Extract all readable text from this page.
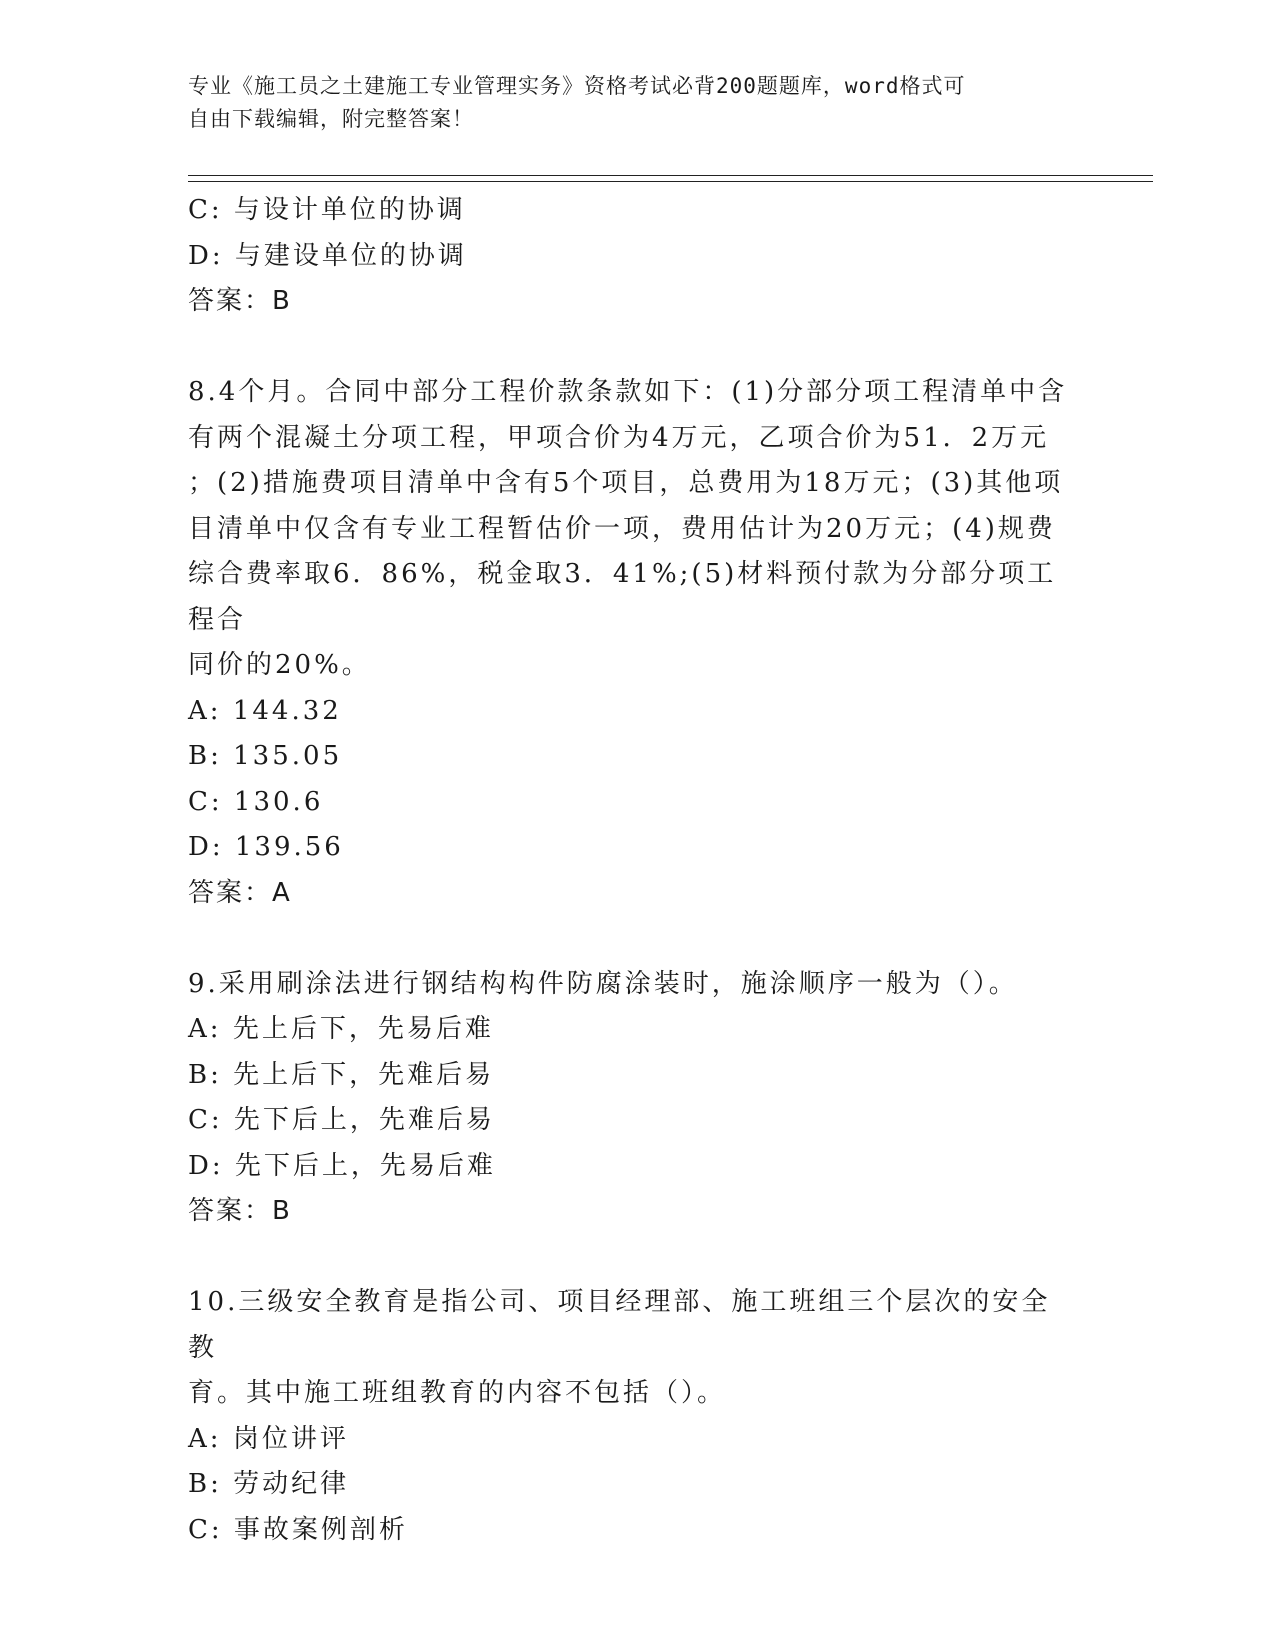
专业《施工员之土建施工专业管理实务》资格考试必背200题题库，word格式可

自由下载编辑，附完整答案！

C: 与设计单位的协调

D: 与建设单位的协调

答案：B

8.4个月。合同中部分工程价款条款如下：(1)分部分项工程清单中含

有两个混凝土分项工程，甲项合价为4万元，乙项合价为51．2万元

；(2)措施费项目清单中含有5个项目，总费用为18万元；(3)其他项

目清单中仅含有专业工程暂估价一项，费用估计为20万元；(4)规费

综合费率取6．86%，税金取3．41%;(5)材料预付款为分部分项工程合

同价的20%。

A: 144.32

B: 135.05

C: 130.6

D: 139.56

答案：A

9.采用刷涂法进行钢结构构件防腐涂装时，施涂顺序一般为（）。

A: 先上后下，先易后难

B: 先上后下，先难后易

C: 先下后上，先难后易

D: 先下后上，先易后难

答案：B

10.三级安全教育是指公司、项目经理部、施工班组三个层次的安全教

育。其中施工班组教育的内容不包括（）。

A: 岗位讲评

B: 劳动纪律

C: 事故案例剖析
